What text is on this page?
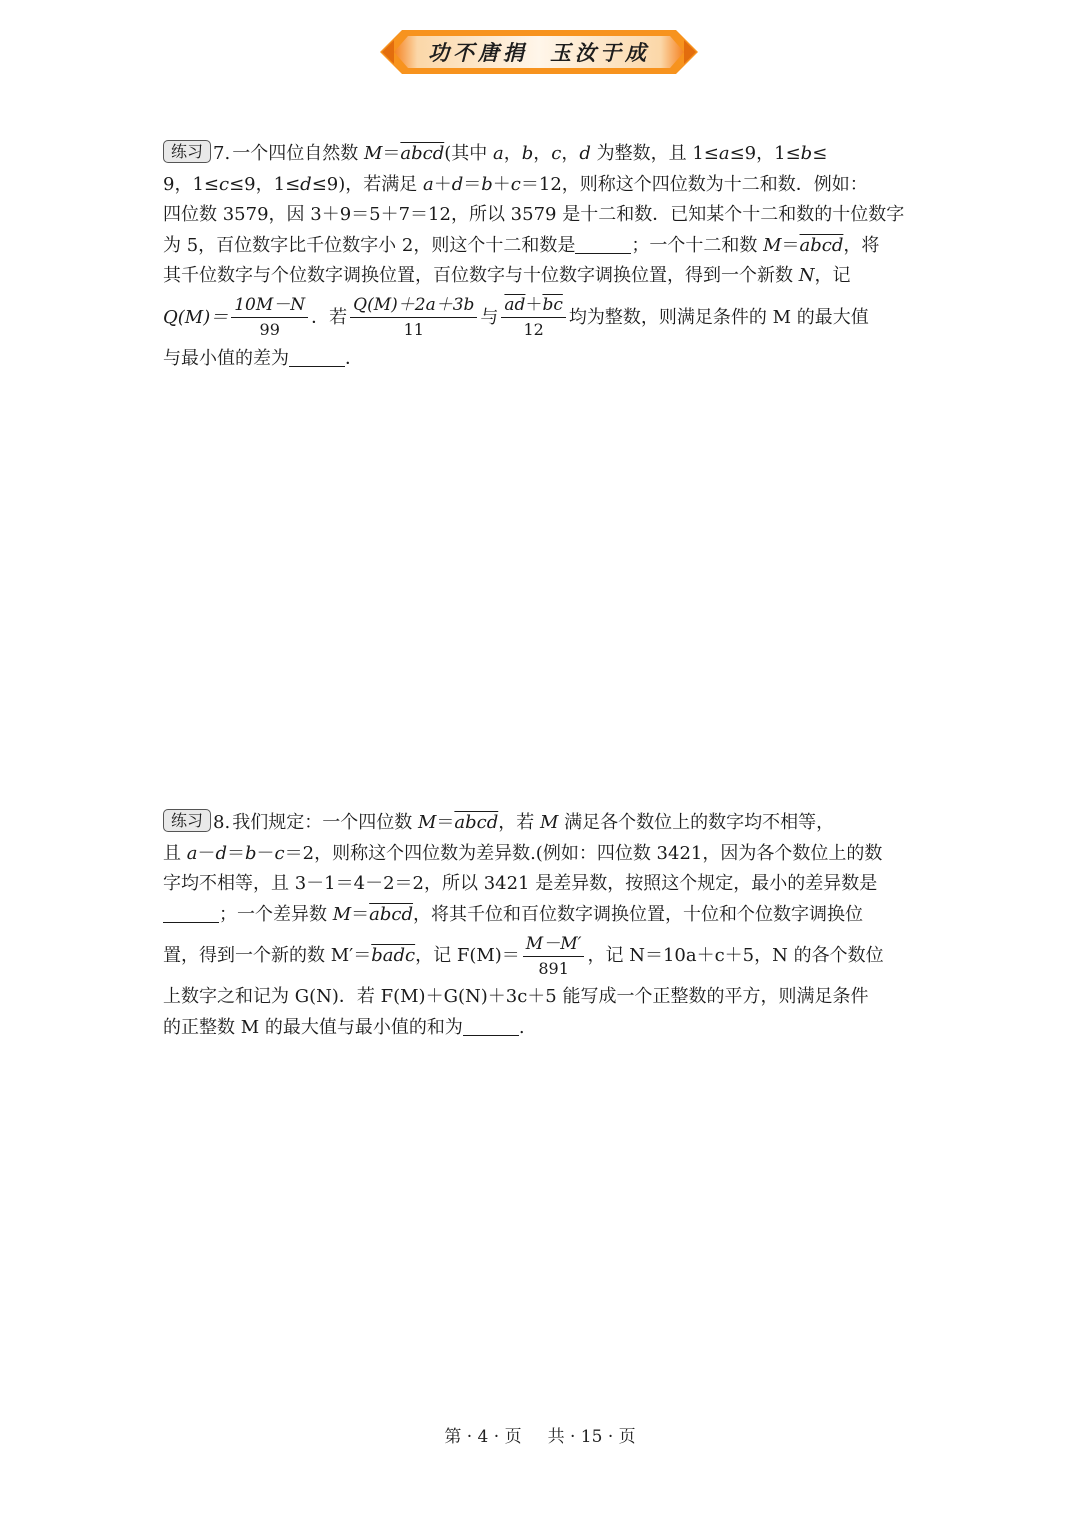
功不唐捐 玉汝于成
练习 7. 一个四位自然数 M＝abcd(其中 a，b，c，d 为整数，且 1≤a≤9，1≤b≤
9，1≤c≤9，1≤d≤9)，若满足 a＋d＝b＋c＝12，则称这个四位数为十二和数．例如：
四位数 3579，因 3＋9＝5＋7＝12，所以 3579 是十二和数．已知某个十二和数的十位数字
为 5，百位数字比千位数字小 2，则这个十二和数是	；一个十二和数 M＝abcd，将
其千位数字与个位数字调换位置，百位数字与十位数字调换位置，得到一个新数 N，记
$Q(M)= \frac{10M-N}{99}$ ．若 $\frac{Q(M)+2a+3b}{11}$ 与 $\frac{\overline{ad}+\overline{bc}}{12}$ 均为整数，则满足条件的 M 的最大值
与最小值的差为	．
练习 8. 我们规定：一个四位数 M＝abcd，若 M 满足各个数位上的数字均不相等，
且 a－d＝b－c＝2，则称这个四位数为差异数.(例如：四位数 3421，因为各个数位上的数
字均不相等，且 3－1＝4－2＝2，所以 3421 是差异数，按照这个规定，最小的差异数是
；一个差异数 M＝abcd，将其千位和百位数字调换位置，十位和个位数字调换位
置，得到一个新的数 M′＝badc，记 $F(M)= \frac{M-M'}{891}$ ，记 N＝10a＋c＋5，N 的各个数位
上数字之和记为 G(N)．若 F(M)＋G(N)＋3c＋5 能写成一个正整数的平方，则满足条件
的正整数 M 的最大值与最小值的和为	.
第 · 4 · 页 共 · 15 · 页
